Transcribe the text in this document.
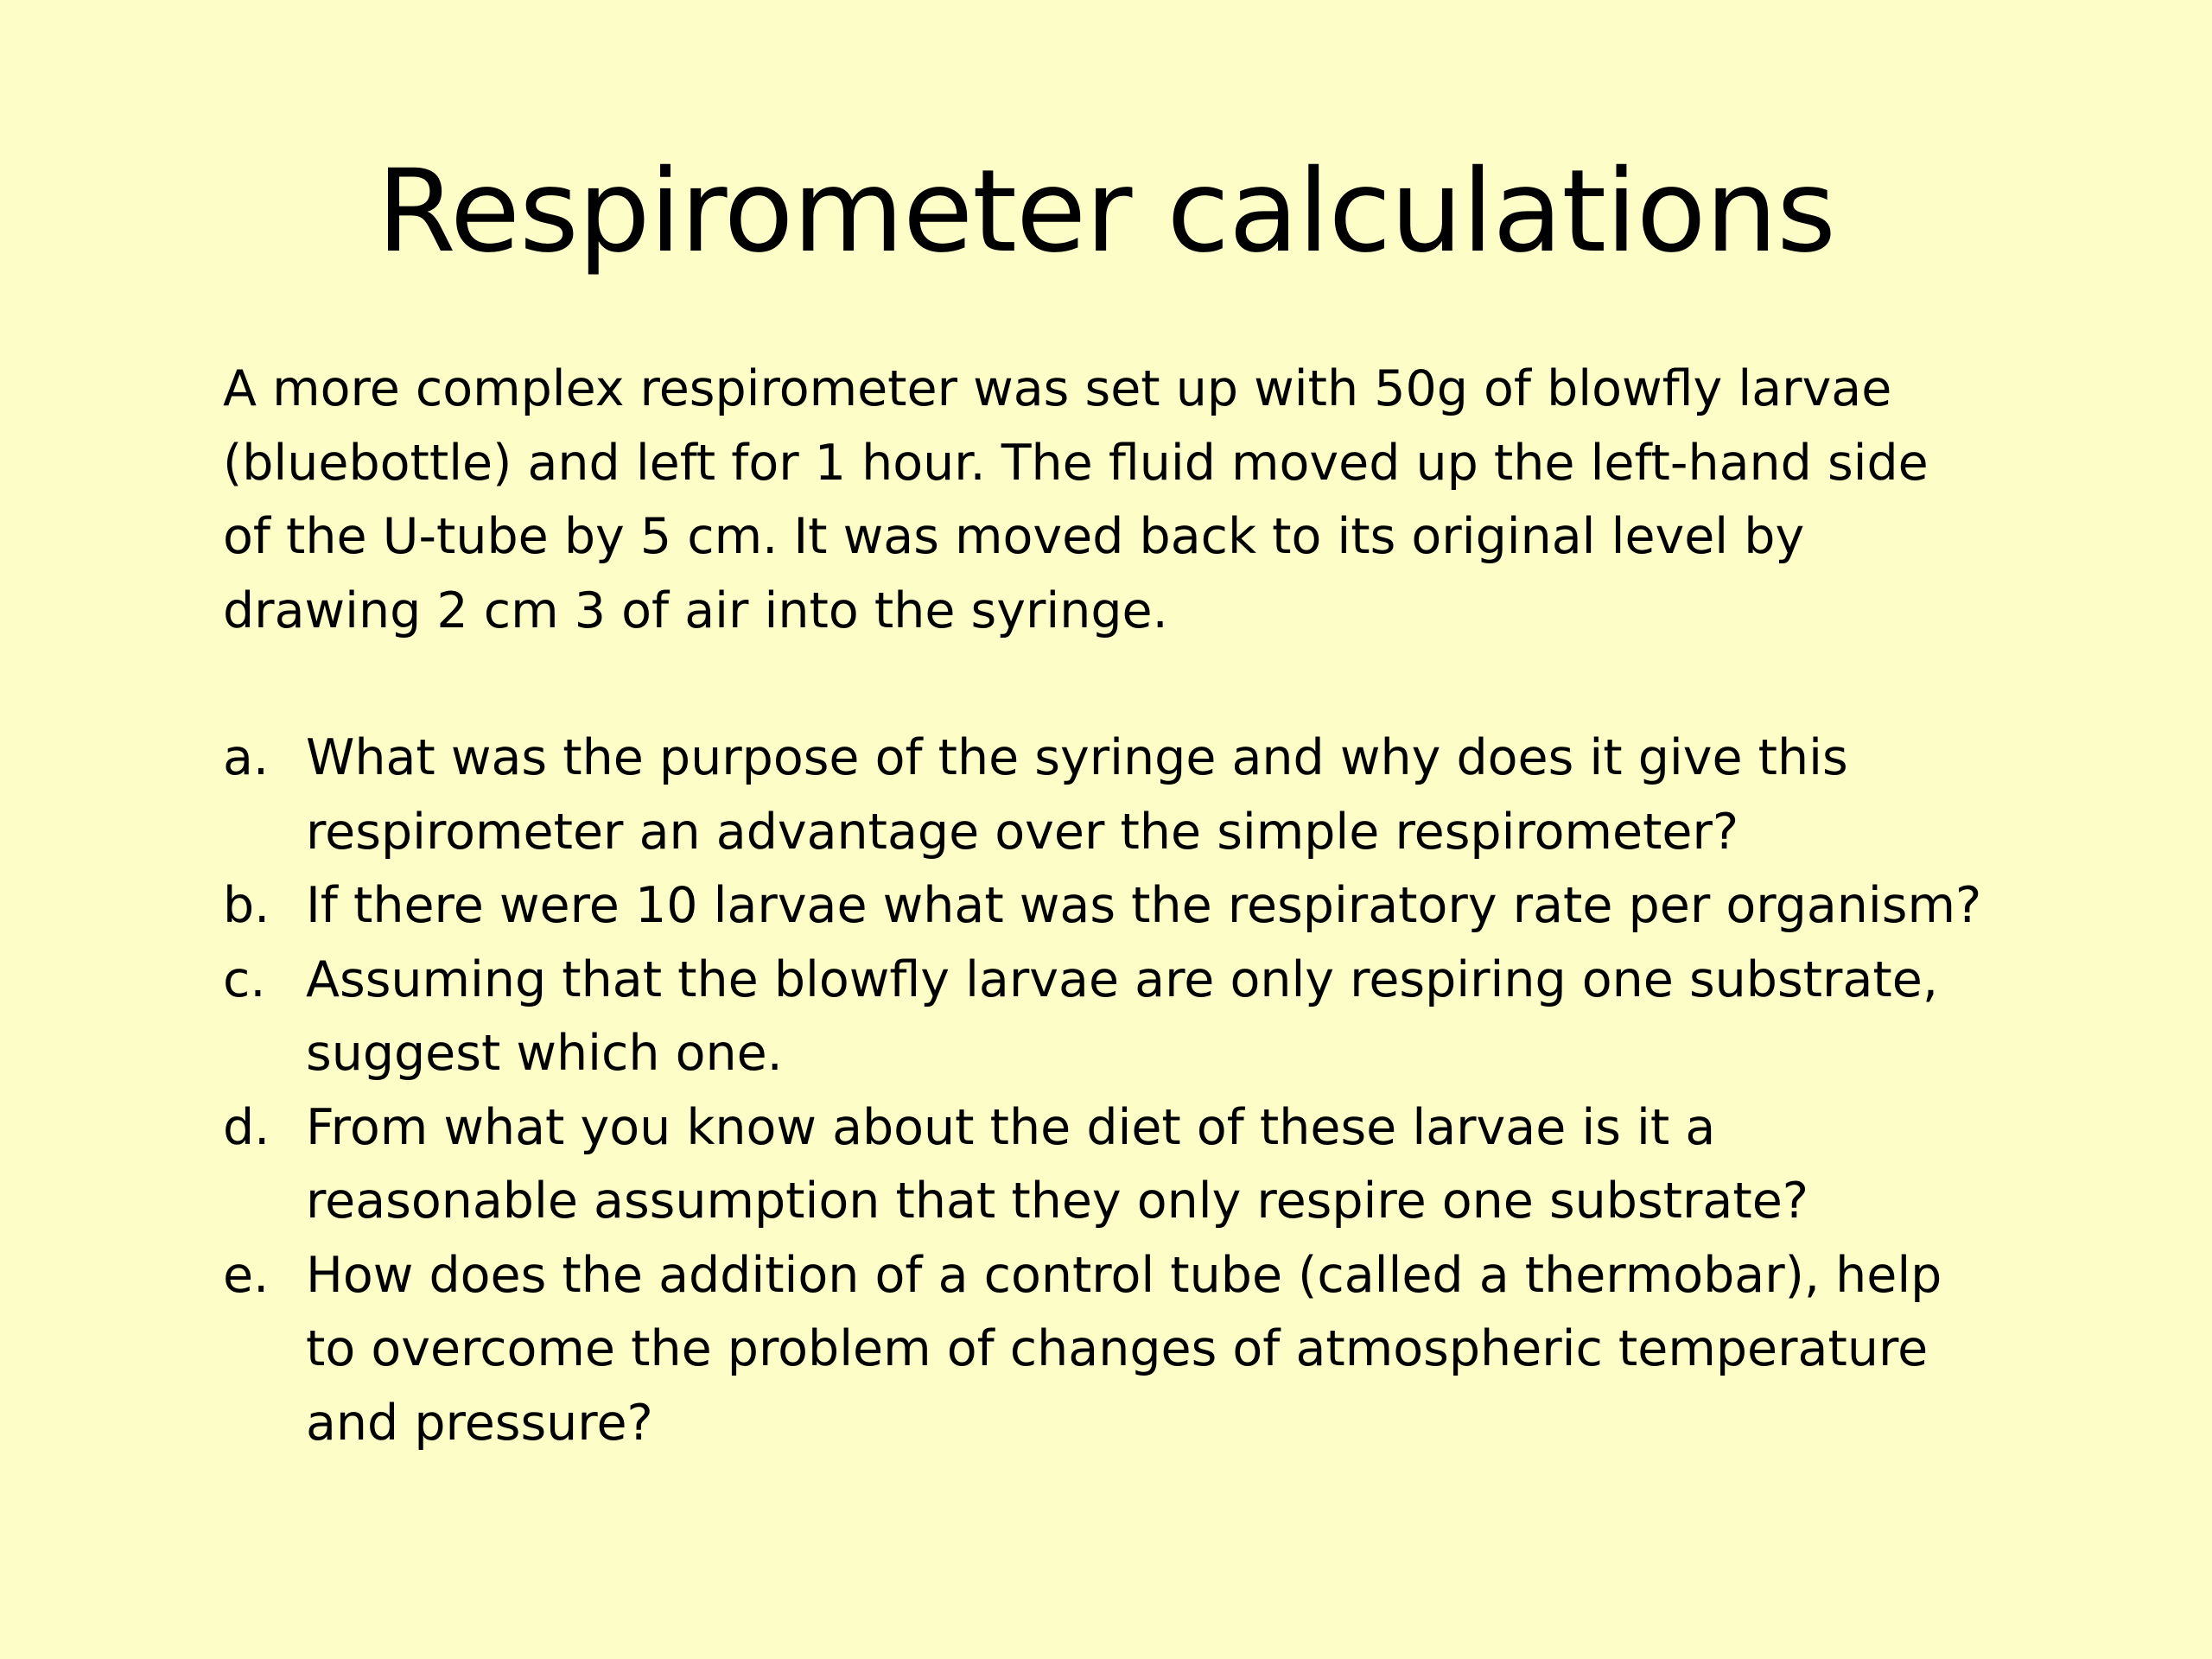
Respirometer calculations

A more complex respirometer was set up with 50g of blowfly larvae
(bluebottle) and left for 1 hour. The fluid moved up the left-hand side
of the U-tube by 5 cm. It was moved back to its original level by
drawing 2 cm 3 of air into the syringe.

a. What was the purpose of the syringe and why does it give this
respirometer an advantage over the simple respirometer?
b. If there were 10 larvae what was the respiratory rate per organism?
c. Assuming that the blowfly larvae are only respiring one substrate,
suggest which one.
d. From what you know about the diet of these larvae is it a
reasonable assumption that they only respire one substrate?
e. How does the addition of a control tube (called a thermobar), help
to overcome the problem of changes of atmospheric temperature
and pressure?
